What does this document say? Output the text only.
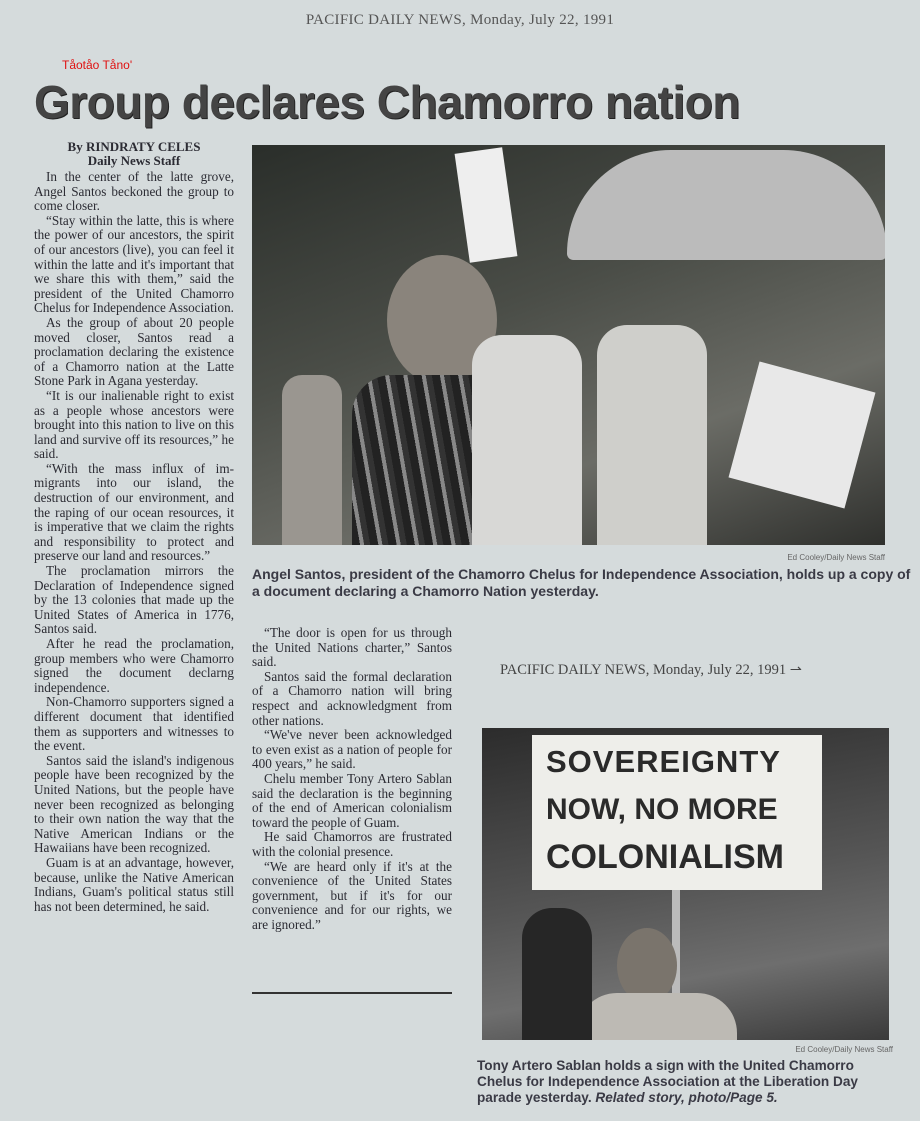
PACIFIC DAILY NEWS, Monday, July 22, 1991
Tåotåo Tåno'
Group declares Chamorro nation
By RINDRATY CELES
Daily News Staff

In the center of the latte grove, Angel Santos beckoned the group to come closer.

“Stay within the latte, this is where the power of our ancestors, the spirit of our ancestors (live), you can feel it within the latte and it's important that we share this with them,” said the president of the United Chamorro Chelus for Independence Association.

As the group of about 20 people moved closer, Santos read a proclamation declaring the existence of a Chamorro nation at the Latte Stone Park in Agana yesterday.

“It is our inalienable right to exist as a people whose ancestors were brought into this nation to live on this land and survive off its resources,” he said.

“With the mass influx of immigrants into our island, the destruction of our environment, and the raping of our ocean resources, it is imperative that we claim the rights and responsibility to protect and preserve our land and resources.”

The proclamation mirrors the Declaration of Independence signed by the 13 colonies that made up the United States of America in 1776, Santos said.

After he read the proclamation, group members who were Chamorro signed the document declarng independence.

Non-Chamorro supporters signed a different document that identified them as supporters and witnesses to the event.

Santos said the island's indigenous people have been recognized by the United Nations, but the people have never been recognized as belonging to their own nation the way that the Native American Indians or the Hawaiians have been recognized.

Guam is at an advantage, however, because, unlike the Native American Indians, Guam's political status still has not been determined, he said.

Ed Cooley/Daily News Staff
Angel Santos, president of the Chamorro Chelus for Independence Association, holds up a copy of a document declaring a Chamorro Nation yesterday.

“The door is open for us through the United Nations charter,” Santos said.

Santos said the formal declaration of a Chamorro nation will bring respect and acknowledgment from other nations.

“We've never been acknowledged to even exist as a nation of people for 400 years,” he said.

Chelu member Tony Artero Sablan said the declaration is the beginning of the end of American colonialism toward the people of Guam.

He said Chamorros are frustrated with the colonial presence.

“We are heard only if it's at the convenience of the United States government, but if it's for our convenience and for our rights, we are ignored.”

PACIFIC DAILY NEWS, Monday, July 22, 1991 ⇀
SOVEREIGNTY
NOW, NO MORE
COLONIALISM
Ed Cooley/Daily News Staff
Tony Artero Sablan holds a sign with the United Chamorro Chelus for Independence Association at the Liberation Day parade yesterday. Related story, photo/Page 5.
